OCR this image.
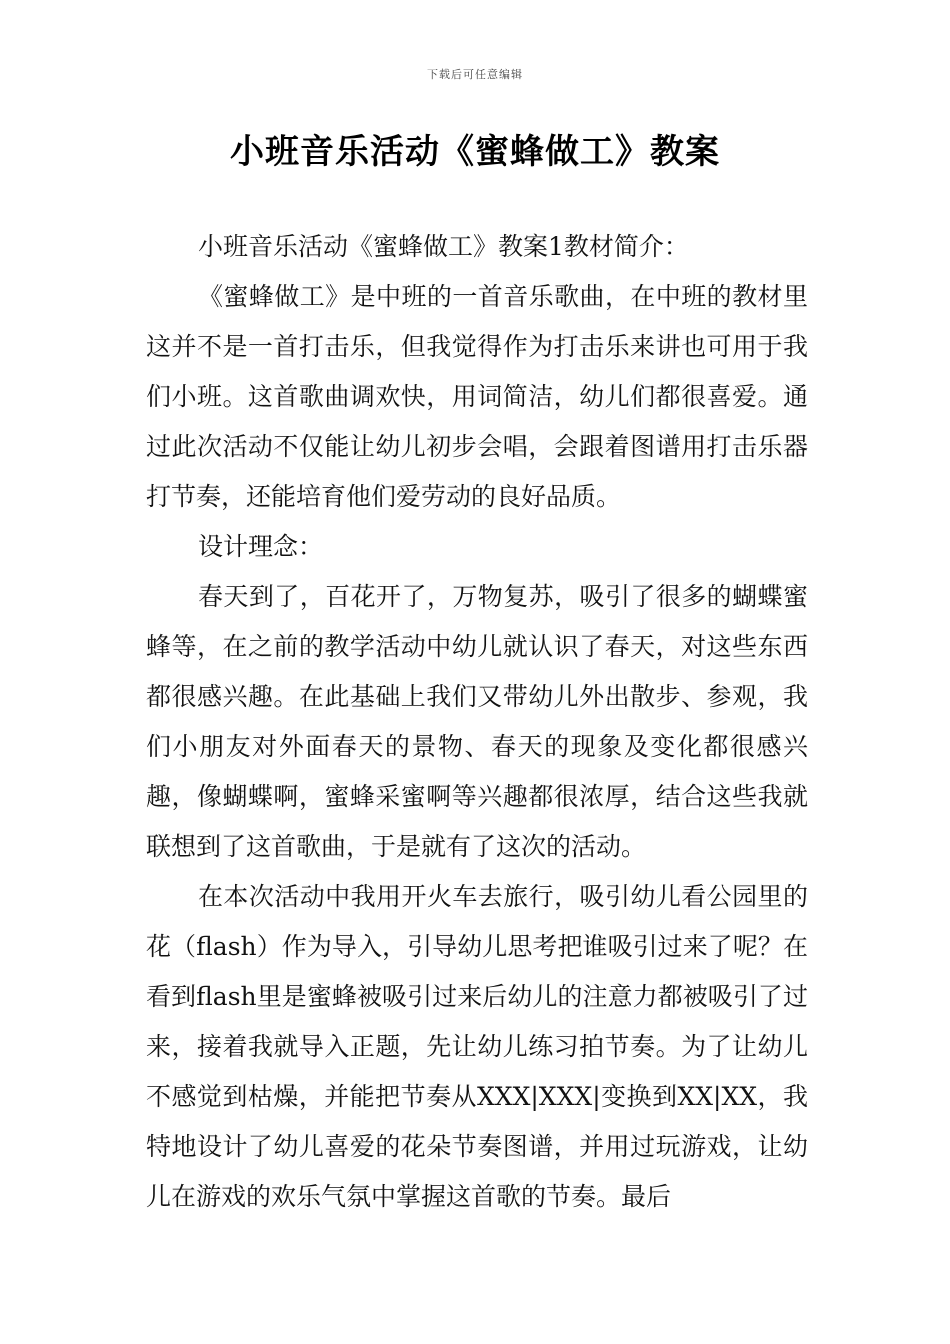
下载后可任意编辑
小班音乐活动《蜜蜂做工》教案

小班音乐活动《蜜蜂做工》教案1教材简介：

《蜜蜂做工》是中班的一首音乐歌曲，在中班的教材里这并不是一首打击乐，但我觉得作为打击乐来讲也可用于我们小班。这首歌曲调欢快，用词简洁，幼儿们都很喜爱。通过此次活动不仅能让幼儿初步会唱，会跟着图谱用打击乐器打节奏，还能培育他们爱劳动的良好品质。

设计理念：

春天到了，百花开了，万物复苏，吸引了很多的蝴蝶蜜蜂等，在之前的教学活动中幼儿就认识了春天，对这些东西都很感兴趣。在此基础上我们又带幼儿外出散步、参观，我们小朋友对外面春天的景物、春天的现象及变化都很感兴趣，像蝴蝶啊，蜜蜂采蜜啊等兴趣都很浓厚，结合这些我就联想到了这首歌曲，于是就有了这次的活动。

在本次活动中我用开火车去旅行，吸引幼儿看公园里的花（flash）作为导入，引导幼儿思考把谁吸引过来了呢？在看到flash里是蜜蜂被吸引过来后幼儿的注意力都被吸引了过来，接着我就导入正题，先让幼儿练习拍节奏。为了让幼儿不感觉到枯燥，并能把节奏从XXX|XXX|变换到XX|XX，我特地设计了幼儿喜爱的花朵节奏图谱，并用过玩游戏，让幼儿在游戏的欢乐气氛中掌握这首歌的节奏。最后
